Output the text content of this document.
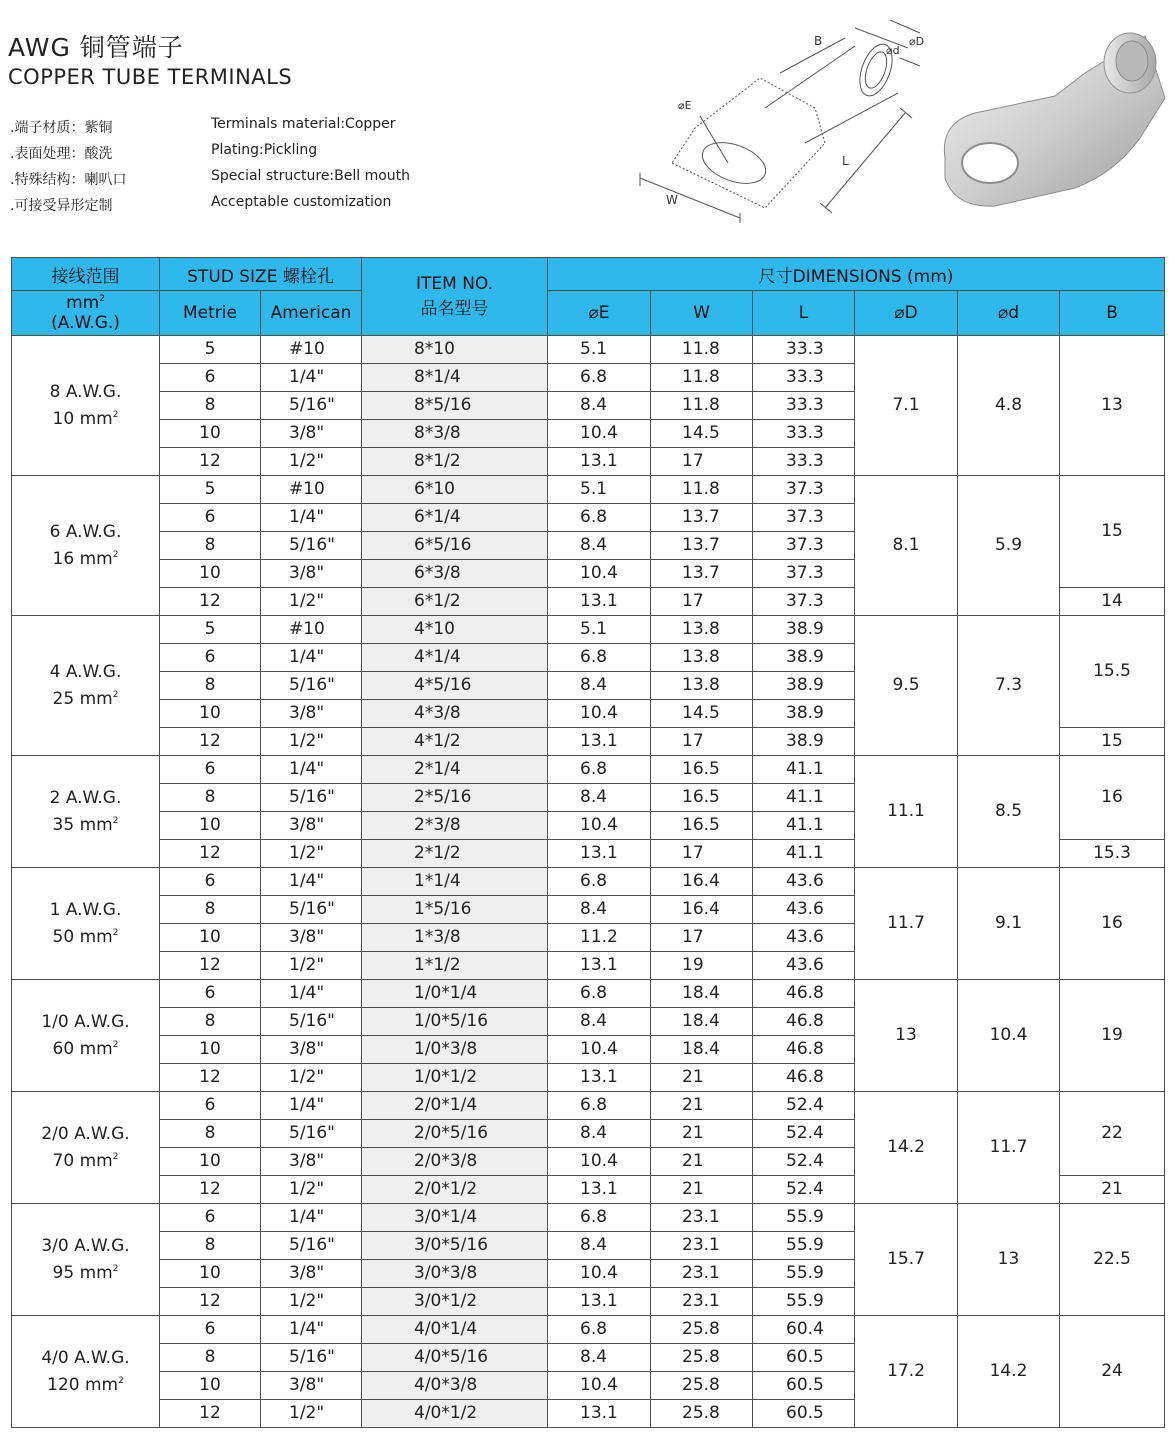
AWG 铜管端子
COPPER TUBE TERMINALS
.端子材质：紫铜
.表面处理：酸洗
.特殊结构：喇叭口
.可接受异形定制
Terminals material:Copper
Plating:Pickling
Special structure:Bell mouth
Acceptable customization
B
⌀d
⌀D
⌀E
L
W
接线范围	STUD SIZE 螺栓孔		ITEM NO.
品名型号	尺寸DIMENSIONS (mm)					

$mm^2$
(A.W.G.)	Metrie	American		⌀E	W	L	⌀D	⌀d	B

8 A.W.G.
10 $mm^2$	5	#10	8*10	5.1	11.8	33.3	7.1	4.8	13
	6	1/4"	8*1/4	6.8	11.8	33.3			
	8	5/16"	8*5/16	8.4	11.8	33.3			
	10	3/8"	8*3/8	10.4	14.5	33.3			
	12	1/2"	8*1/2	13.1	17	33.3			

6 A.W.G.
16 $mm^2$	5	#10	6*10	5.1	11.8	37.3	8.1	5.9	15
	6	1/4"	6*1/4	6.8	13.7	37.3			
	8	5/16"	6*5/16	8.4	13.7	37.3			
	10	3/8"	6*3/8	10.4	13.7	37.3			
	12	1/2"	6*1/2	13.1	17	37.3			14

4 A.W.G.
25 $mm^2$	5	#10	4*10	5.1	13.8	38.9	9.5	7.3	15.5
	6	1/4"	4*1/4	6.8	13.8	38.9			
	8	5/16"	4*5/16	8.4	13.8	38.9			
	10	3/8"	4*3/8	10.4	14.5	38.9			
	12	1/2"	4*1/2	13.1	17	38.9			15

2 A.W.G.
35 $mm^2$	6	1/4"	2*1/4	6.8	16.5	41.1	11.1	8.5	16
	8	5/16"	2*5/16	8.4	16.5	41.1			
	10	3/8"	2*3/8	10.4	16.5	41.1			
	12	1/2"	2*1/2	13.1	17	41.1			15.3

1 A.W.G.
50 $mm^2$	6	1/4"	1*1/4	6.8	16.4	43.6	11.7	9.1	16
	8	5/16"	1*5/16	8.4	16.4	43.6			
	10	3/8"	1*3/8	11.2	17	43.6			
	12	1/2"	1*1/2	13.1	19	43.6			

1/0 A.W.G.
60 $mm^2$	6	1/4"	1/0*1/4	6.8	18.4	46.8	13	10.4	19
	8	5/16"	1/0*5/16	8.4	18.4	46.8			
	10	3/8"	1/0*3/8	10.4	18.4	46.8			
	12	1/2"	1/0*1/2	13.1	21	46.8			

2/0 A.W.G.
70 $mm^2$	6	1/4"	2/0*1/4	6.8	21	52.4	14.2	11.7	22
	8	5/16"	2/0*5/16	8.4	21	52.4			
	10	3/8"	2/0*3/8	10.4	21	52.4			
	12	1/2"	2/0*1/2	13.1	21	52.4			21

3/0 A.W.G.
95 $mm^2$	6	1/4"	3/0*1/4	6.8	23.1	55.9	15.7	13	22.5
	8	5/16"	3/0*5/16	8.4	23.1	55.9			
	10	3/8"	3/0*3/8	10.4	23.1	55.9			
	12	1/2"	3/0*1/2	13.1	23.1	55.9			

4/0 A.W.G.
120 $mm^2$	6	1/4"	4/0*1/4	6.8	25.8	60.4	17.2	14.2	24
	8	5/16"	4/0*5/16	8.4	25.8	60.5			
	10	3/8"	4/0*3/8	10.4	25.8	60.5			
	12	1/2"	4/0*1/2	13.1	25.8	60.5			
